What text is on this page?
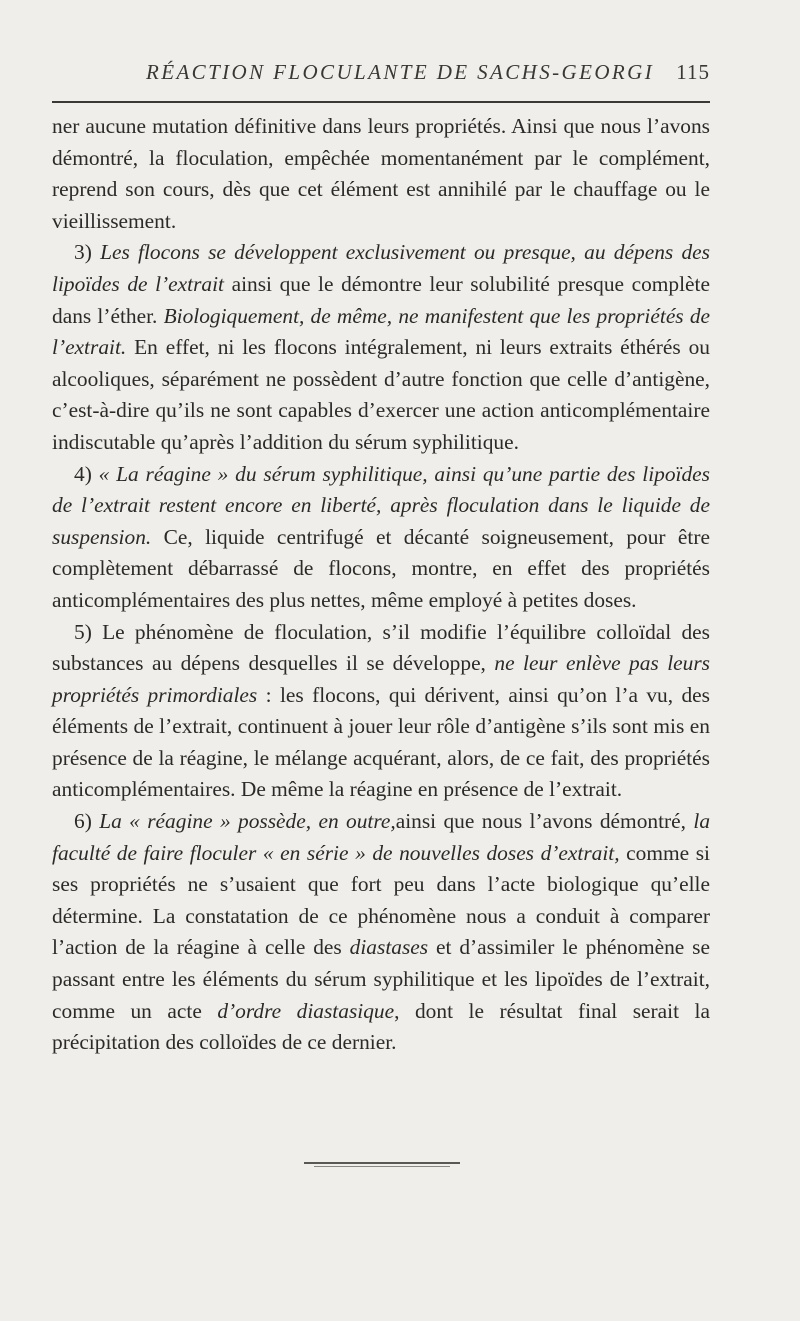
RÉACTION FLOCULANTE DE SACHS-GEORGI 115

ner aucune mutation définitive dans leurs propriétés. Ainsi que nous l’avons démontré, la floculation, empêchée momentanément par le complément, reprend son cours, dès que cet élément est annihilé par le chauffage ou le vieillissement.

3) Les flocons se développent exclusivement ou presque, au dépens des lipoïdes de l’extrait ainsi que le démontre leur solubilité presque complète dans l’éther. Biologiquement, de même, ne manifestent que les propriétés de l’extrait. En effet, ni les flocons intégralement, ni leurs extraits éthérés ou alcooliques, séparément ne possèdent d’autre fonction que celle d’antigène, c’est-à-dire qu’ils ne sont capables d’exercer une action anticomplémentaire indiscutable qu’après l’addition du sérum syphilitique.

4) « La réagine » du sérum syphilitique, ainsi qu’une partie des lipoïdes de l’extrait restent encore en liberté, après floculation dans le liquide de suspension. Ce, liquide centrifugé et décanté soigneusement, pour être complètement débarrassé de flocons, montre, en effet des propriétés anticomplémentaires des plus nettes, même employé à petites doses.

5) Le phénomène de floculation, s’il modifie l’équilibre colloïdal des substances au dépens desquelles il se développe, ne leur enlève pas leurs propriétés primordiales : les flocons, qui dérivent, ainsi qu’on l’a vu, des éléments de l’extrait, continuent à jouer leur rôle d’antigène s’ils sont mis en présence de la réagine, le mélange acquérant, alors, de ce fait, des propriétés anticomplémentaires. De même la réagine en présence de l’extrait.

6) La « réagine » possède, en outre,ainsi que nous l’avons démontré, la faculté de faire floculer « en série » de nouvelles doses d’extrait, comme si ses propriétés ne s’usaient que fort peu dans l’acte biologique qu’elle détermine. La constatation de ce phénomène nous a conduit à comparer l’action de la réagine à celle des diastases et d’assimiler le phénomène se passant entre les éléments du sérum syphilitique et les lipoïdes de l’extrait, comme un acte d’ordre diastasique, dont le résultat final serait la précipitation des colloïdes de ce dernier.
